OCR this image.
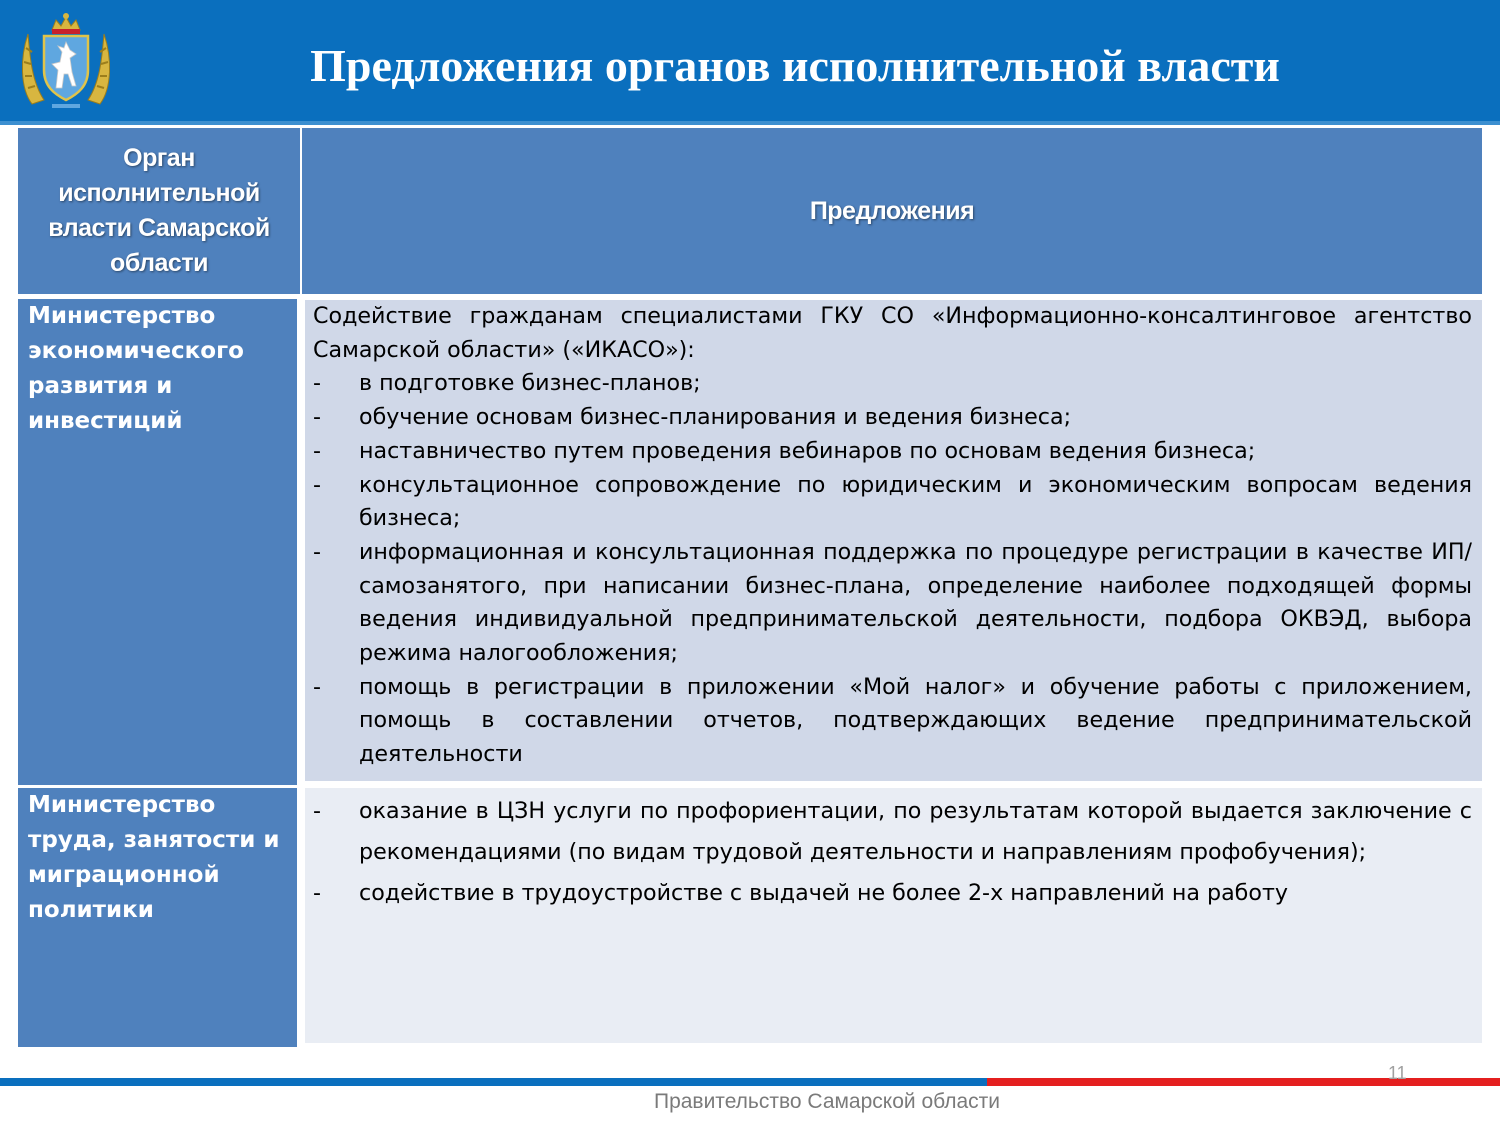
Предложения органов исполнительной власти
Орган исполнительной власти Самарской области
Предложения
Министерство экономического развития и инвестиций
Содействие гражданам специалистами ГКУ СО «Информационно-консалтинговое агентство Самарской области» («ИКАСО»):
- в подготовке бизнес-планов;
- обучение основам бизнес-планирования и ведения бизнеса;
- наставничество путем проведения вебинаров по основам ведения бизнеса;
- консультационное сопровождение по юридическим и экономическим вопросам ведения бизнеса;
- информационная и консультационная поддержка по процедуре регистрации в качестве ИП/самозанятого, при написании бизнес-плана, определение наиболее подходящей формы ведения индивидуальной предпринимательской деятельности, подбора ОКВЭД, выбора режима налогообложения;
- помощь в регистрации в приложении «Мой налог» и обучение работы с приложением, помощь в составлении отчетов, подтверждающих ведение предпринимательской деятельности
Министерство труда, занятости и миграционной политики
- оказание в ЦЗН услуги по профориентации, по результатам которой выдается заключение с рекомендациями (по видам трудовой деятельности и направлениям профобучения);
- содействие в трудоустройстве с выдачей не более 2-х направлений на работу
11
Правительство Самарской области
